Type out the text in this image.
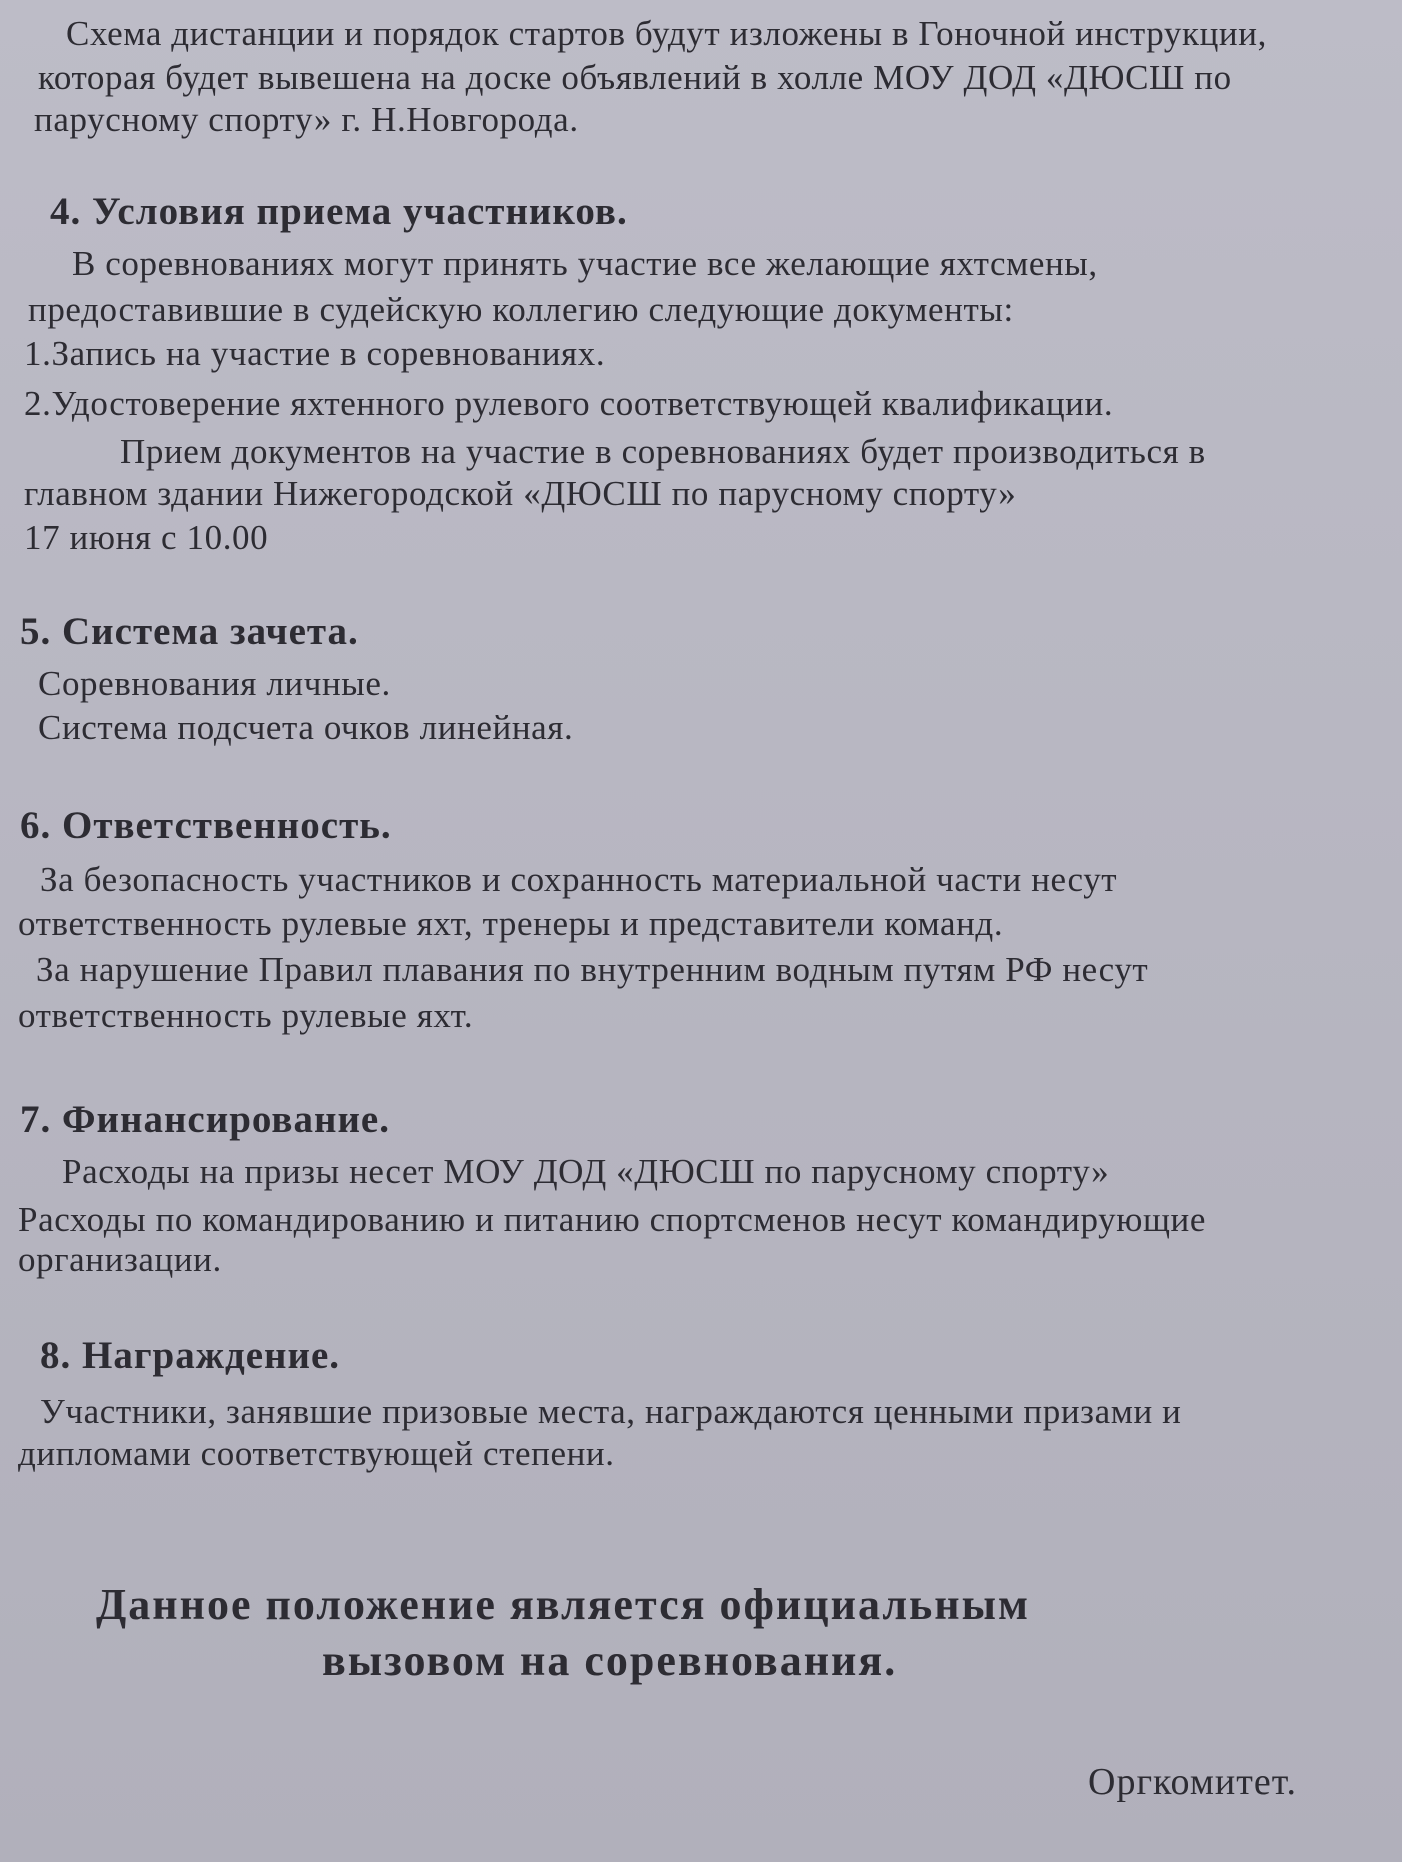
Схема дистанции и порядок стартов будут изложены в Гоночной инструкции,
которая будет вывешена на доске объявлений в холле МОУ ДОД «ДЮСШ по
парусному спорту» г. Н.Новгорода.
4. Условия приема участников.
В соревнованиях могут принять участие все желающие яхтсмены,
предоставившие в судейскую коллегию следующие документы:
1.Запись на участие в соревнованиях.
2.Удостоверение яхтенного рулевого соответствующей квалификации.
Прием документов на участие в соревнованиях будет производиться в
главном здании Нижегородской «ДЮСШ по парусному спорту»
17 июня с 10.00
5. Система зачета.
Соревнования личные.
Система подсчета очков линейная.
6. Ответственность.
За безопасность участников и сохранность материальной части несут
ответственность рулевые яхт, тренеры и представители команд.
За нарушение Правил плавания по внутренним водным путям РФ несут
ответственность рулевые яхт.
7. Финансирование.
Расходы на призы несет МОУ ДОД «ДЮСШ по парусному спорту»
Расходы по командированию и питанию спортсменов несут командирующие
организации.
8. Награждение.
Участники, занявшие призовые места, награждаются ценными призами и
дипломами соответствующей степени.
Данное положение является официальным
вызовом на соревнования.
Оргкомитет.
